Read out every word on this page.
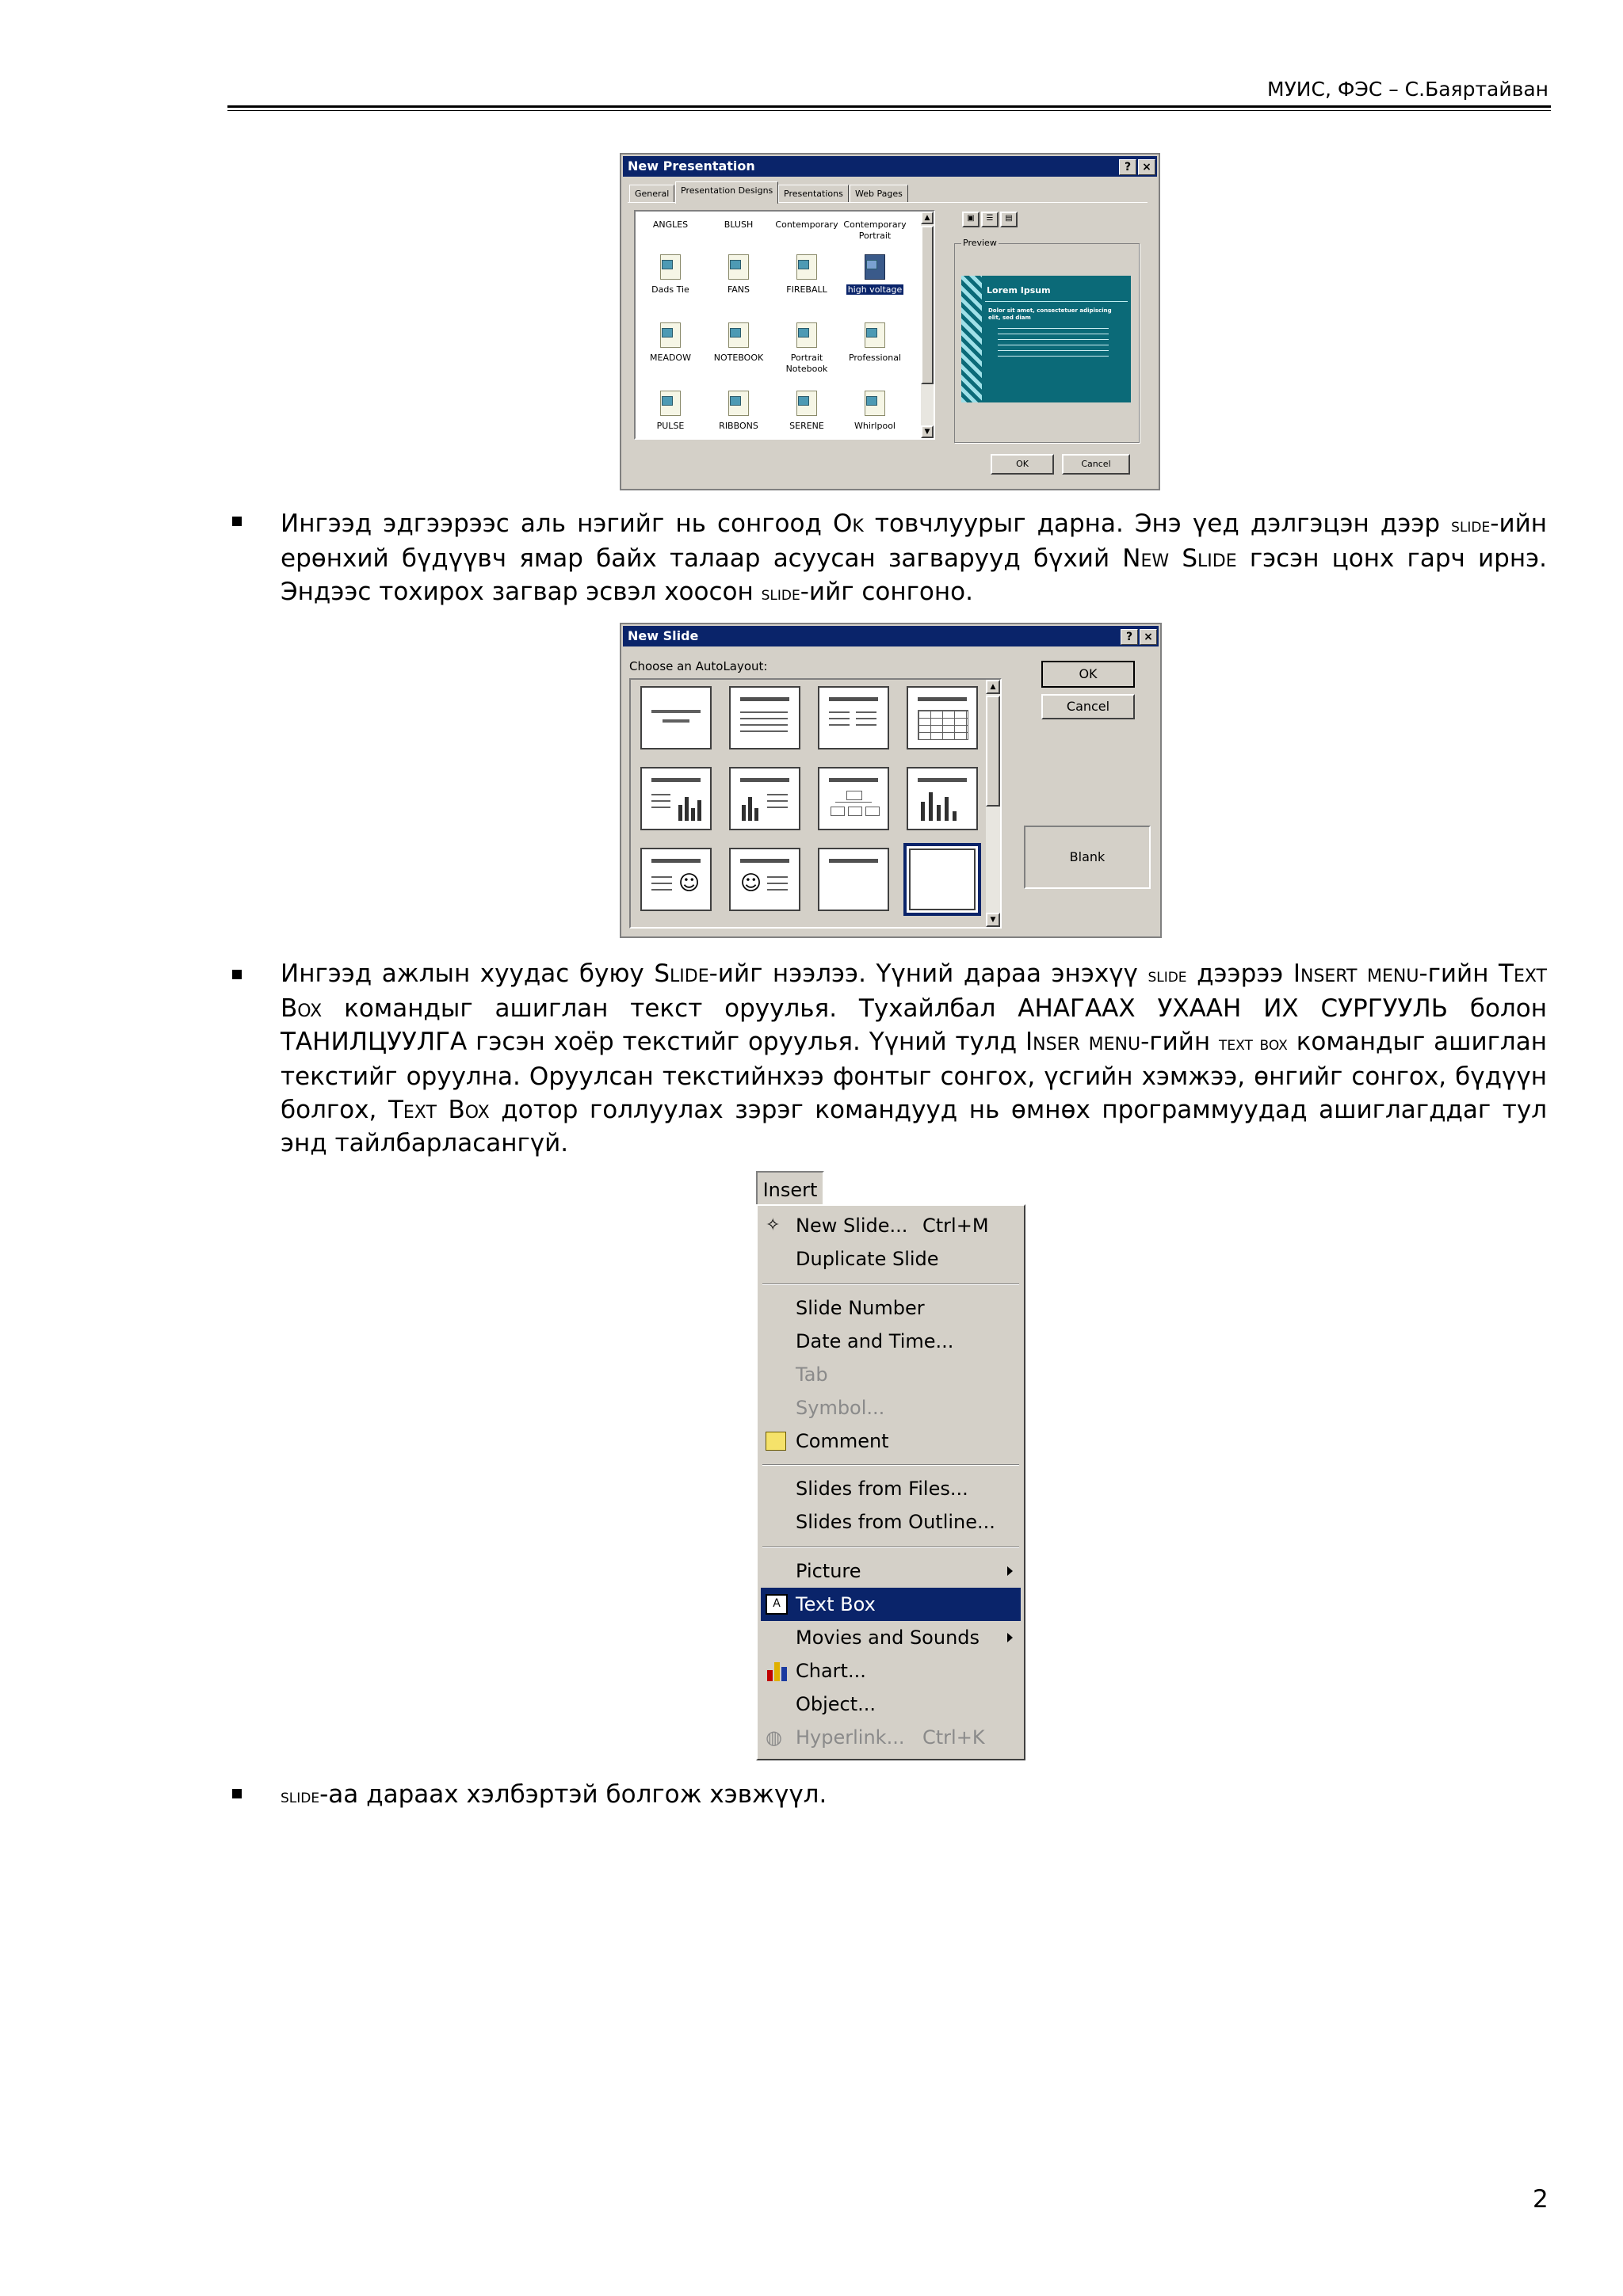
МУИС, ФЭС – С.Баяртайван
New Presentation	?	×
General	Presentation Designs	Presentations	Web Pages
ANGLES	BLUSH	Contemporary Contemporary Portrait
Dads Tie	FANS	FIREBALL	high voltage
MEADOW	NOTEBOOK	Portrait Notebook
Professional
PULSE	RIBBONS	SERENE	Whirlpool
▲
▼
▣	☰	▤
Preview
Lorem Ipsum
Dolor sit amet, consectetuer adipiscing elit, sed diam
OK	Cancel
Ингээд эдгээрээс аль нэгийг нь сонгоод Ok товчлуурыг дарна. Энэ үед дэлгэцэн дээр slide-ийн ерөнхий бүдүүвч ямар байх талаар асуусан загварууд бүхий New Slide гэсэн цонх гарч ирнэ. Эндээс тохирох загвар эсвэл хоосон slide-ийг сонгоно.
New Slide	?	×
Choose an AutoLayout:
☺ ☺
▲
▼
OK
Cancel
Blank
Ингээд ажлын хуудас буюу Slide-ийг нээлээ. Үүний дараа энэхүү slide дээрээ Insert menu-гийн Text Box командыг ашиглан текст оруулья. Тухайлбал АНАГААХ УХААН ИХ СУРГУУЛЬ болон ТАНИЛЦУУЛГА гэсэн хоёр текстийг оруулья. Үүний тулд Inser menu-гийн text box командыг ашиглан текстийг оруулна. Оруулсан текстийнхээ фонтыг сонгох, үсгийн хэмжээ, өнгийг сонгох, бүдүүн болгох, Text Box дотор голлуулах зэрэг командууд нь өмнөх программуудад ашиглагддаг тул энд тайлбарласангүй.
Insert
✧ New Slide... Ctrl+M
Duplicate Slide
Slide Number
Date and Time...
Tab
Symbol...
Comment
Slides from Files...
Slides from Outline...
Picture
A Text Box
Movies and Sounds
Chart...
Object...
◍ Hyperlink... Ctrl+K
slide-аа дараах хэлбэртэй болгож хэвжүүл.
2
